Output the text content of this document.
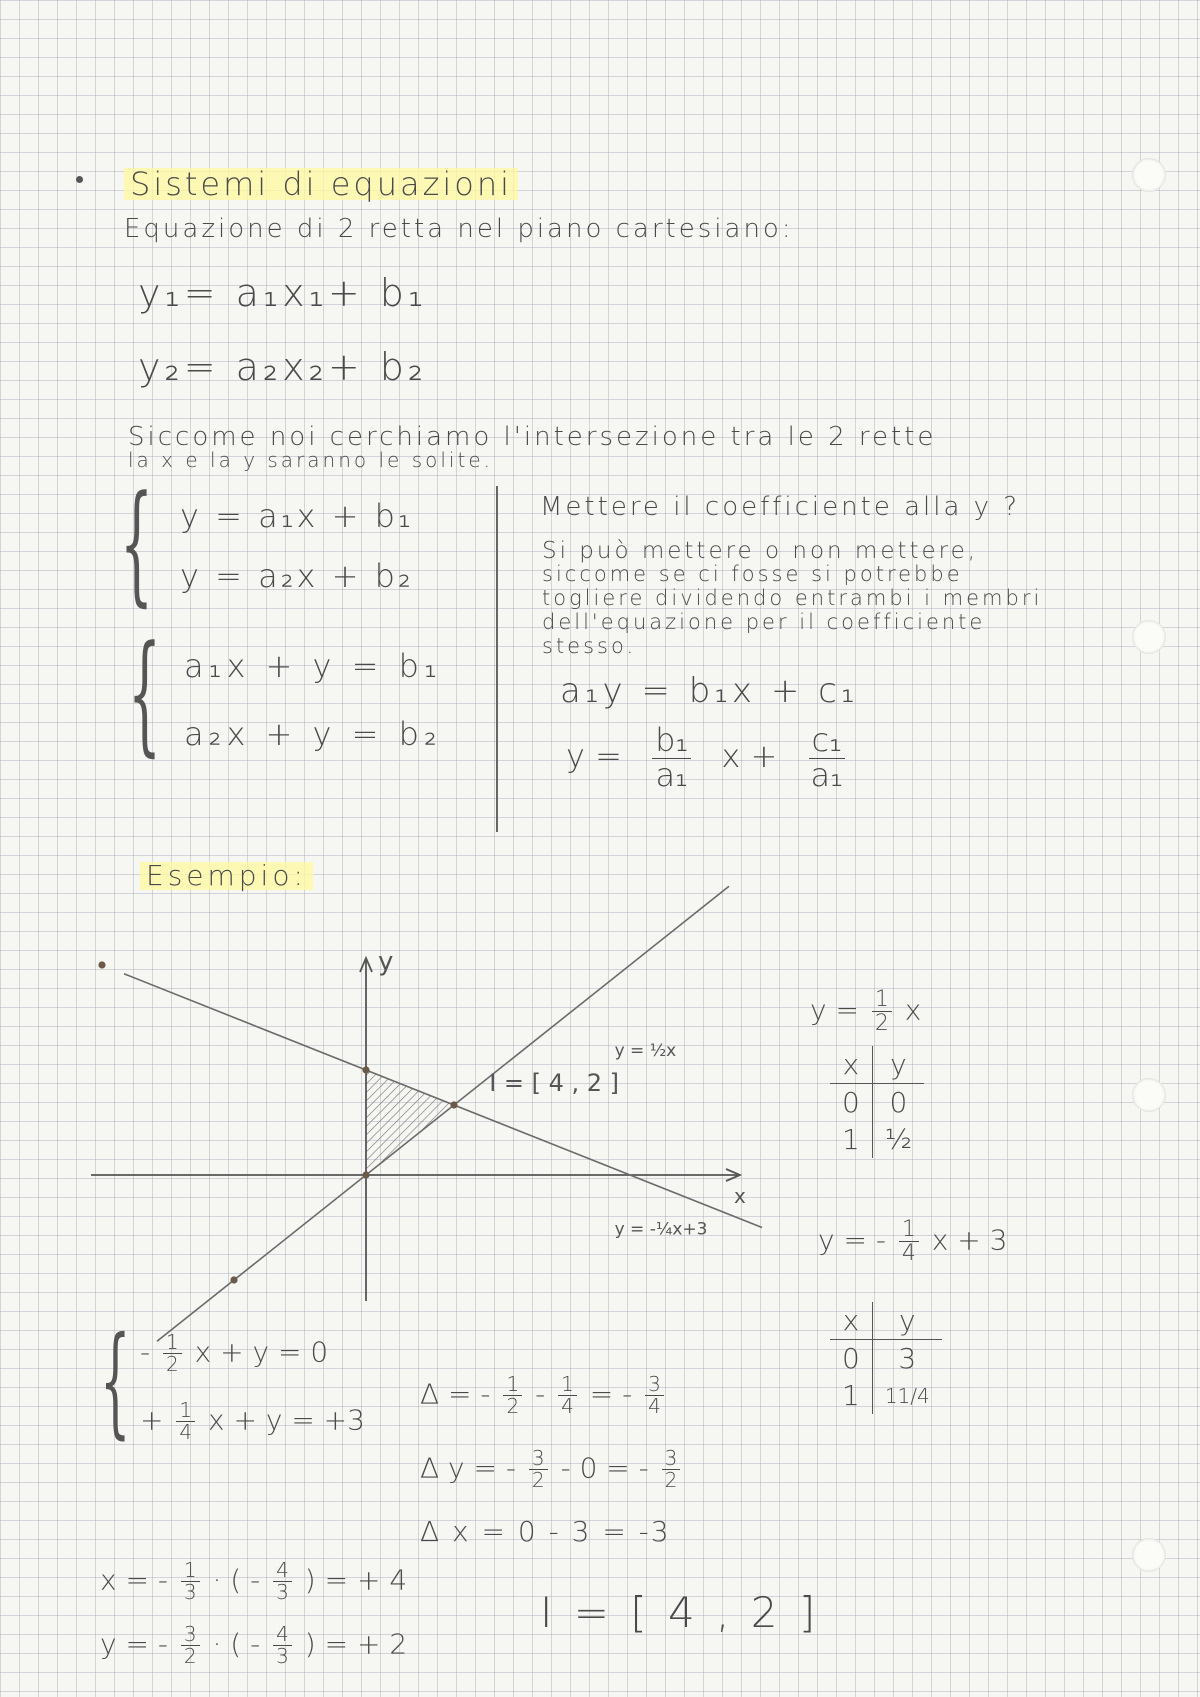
Sistemi di equazioni
Equazione di 2 retta nel piano cartesiano:
y₁= a₁x₁+ b₁
y₂= a₂x₂+ b₂
Siccome noi cerchiamo l'intersezione tra le 2 rette
la x e la y saranno le solite.
{ y = a₁x + b₁
y = a₂x + b₂
{ a₁x + y = b₁
a₂x + y = b₂
Mettere il coefficiente alla y ?
Si può mettere o non mettere,
siccome se ci fosse si potrebbe
togliere dividendo entrambi i membri
dell'equazione per il coefficiente
stesso.
a₁y = b₁x + c₁
$y = \frac{\text{b₁}}{\text{a₁}}$ $x + \frac{\text{c₁}}{\text{a₁}}$
Esempio:
y
x
y = ½x
y = -¼x+3
I = [ 4 , 2 ]
$y = \frac{1}{2}$ x
x	y
0	0
1	½
y = - $\frac{1}{4}$ x + 3
x	y
0	3
1	11/4
{ - $\frac{1}{2}$ x + y = 0
+ $\frac{1}{4}$ x + y = +3
Δ = - $\frac{1}{2} - \frac{1}{4}$ = - $\frac{3}{4}$
Δ y = - $\frac{3}{2} - 0$ = - $\frac{3}{2}$
Δ x = 0 - 3 = -3
x = - $\frac{1}{3}$ · ( - $\frac{4}{3}$ ) = + 4
y = - $\frac{3}{2}$ · ( - $\frac{4}{3}$ ) = + 2
I = [ 4 , 2 ]
